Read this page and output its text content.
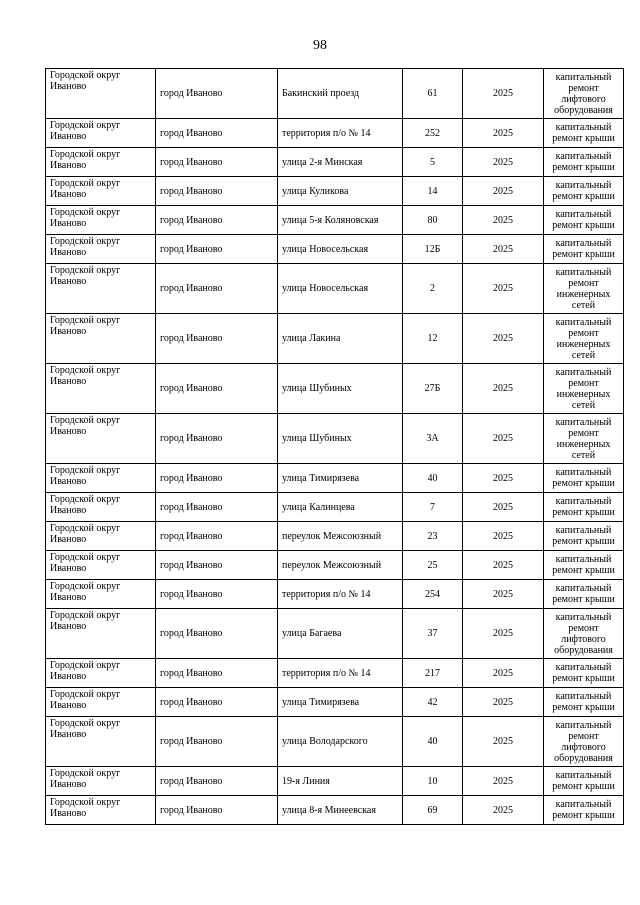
98
Городской округ Иваново	город Иваново	Бакинский проезд	61	2025	капитальный ремонт лифтового оборудования
Городской округ Иваново	город Иваново	территория п/о № 14	252	2025	капитальный ремонт крыши
Городской округ Иваново	город Иваново	улица 2-я Минская	5	2025	капитальный ремонт крыши
Городской округ Иваново	город Иваново	улица Куликова	14	2025	капитальный ремонт крыши
Городской округ Иваново	город Иваново	улица 5-я Коляновская	80	2025	капитальный ремонт крыши
Городской округ Иваново	город Иваново	улица Новосельская	12Б	2025	капитальный ремонт крыши
Городской округ Иваново	город Иваново	улица Новосельская	2	2025	капитальный ремонт инженерных сетей
Городской округ Иваново	город Иваново	улица Лакина	12	2025	капитальный ремонт инженерных сетей
Городской округ Иваново	город Иваново	улица Шубиных	27Б	2025	капитальный ремонт инженерных сетей
Городской округ Иваново	город Иваново	улица Шубиных	3А	2025	капитальный ремонт инженерных сетей
Городской округ Иваново	город Иваново	улица Тимирязева	40	2025	капитальный ремонт крыши
Городской округ Иваново	город Иваново	улица Калинцева	7	2025	капитальный ремонт крыши
Городской округ Иваново	город Иваново	переулок Межсоюзный	23	2025	капитальный ремонт крыши
Городской округ Иваново	город Иваново	переулок Межсоюзный	25	2025	капитальный ремонт крыши
Городской округ Иваново	город Иваново	территория п/о № 14	254	2025	капитальный ремонт крыши
Городской округ Иваново	город Иваново	улица Багаева	37	2025	капитальный ремонт лифтового оборудования
Городской округ Иваново	город Иваново	территория п/о № 14	217	2025	капитальный ремонт крыши
Городской округ Иваново	город Иваново	улица Тимирязева	42	2025	капитальный ремонт крыши
Городской округ Иваново	город Иваново	улица Володарского	40	2025	капитальный ремонт лифтового оборудования
Городской округ Иваново	город Иваново	19-я Линия	10	2025	капитальный ремонт крыши
Городской округ Иваново	город Иваново	улица 8-я Минеевская	69	2025	капитальный ремонт крыши
